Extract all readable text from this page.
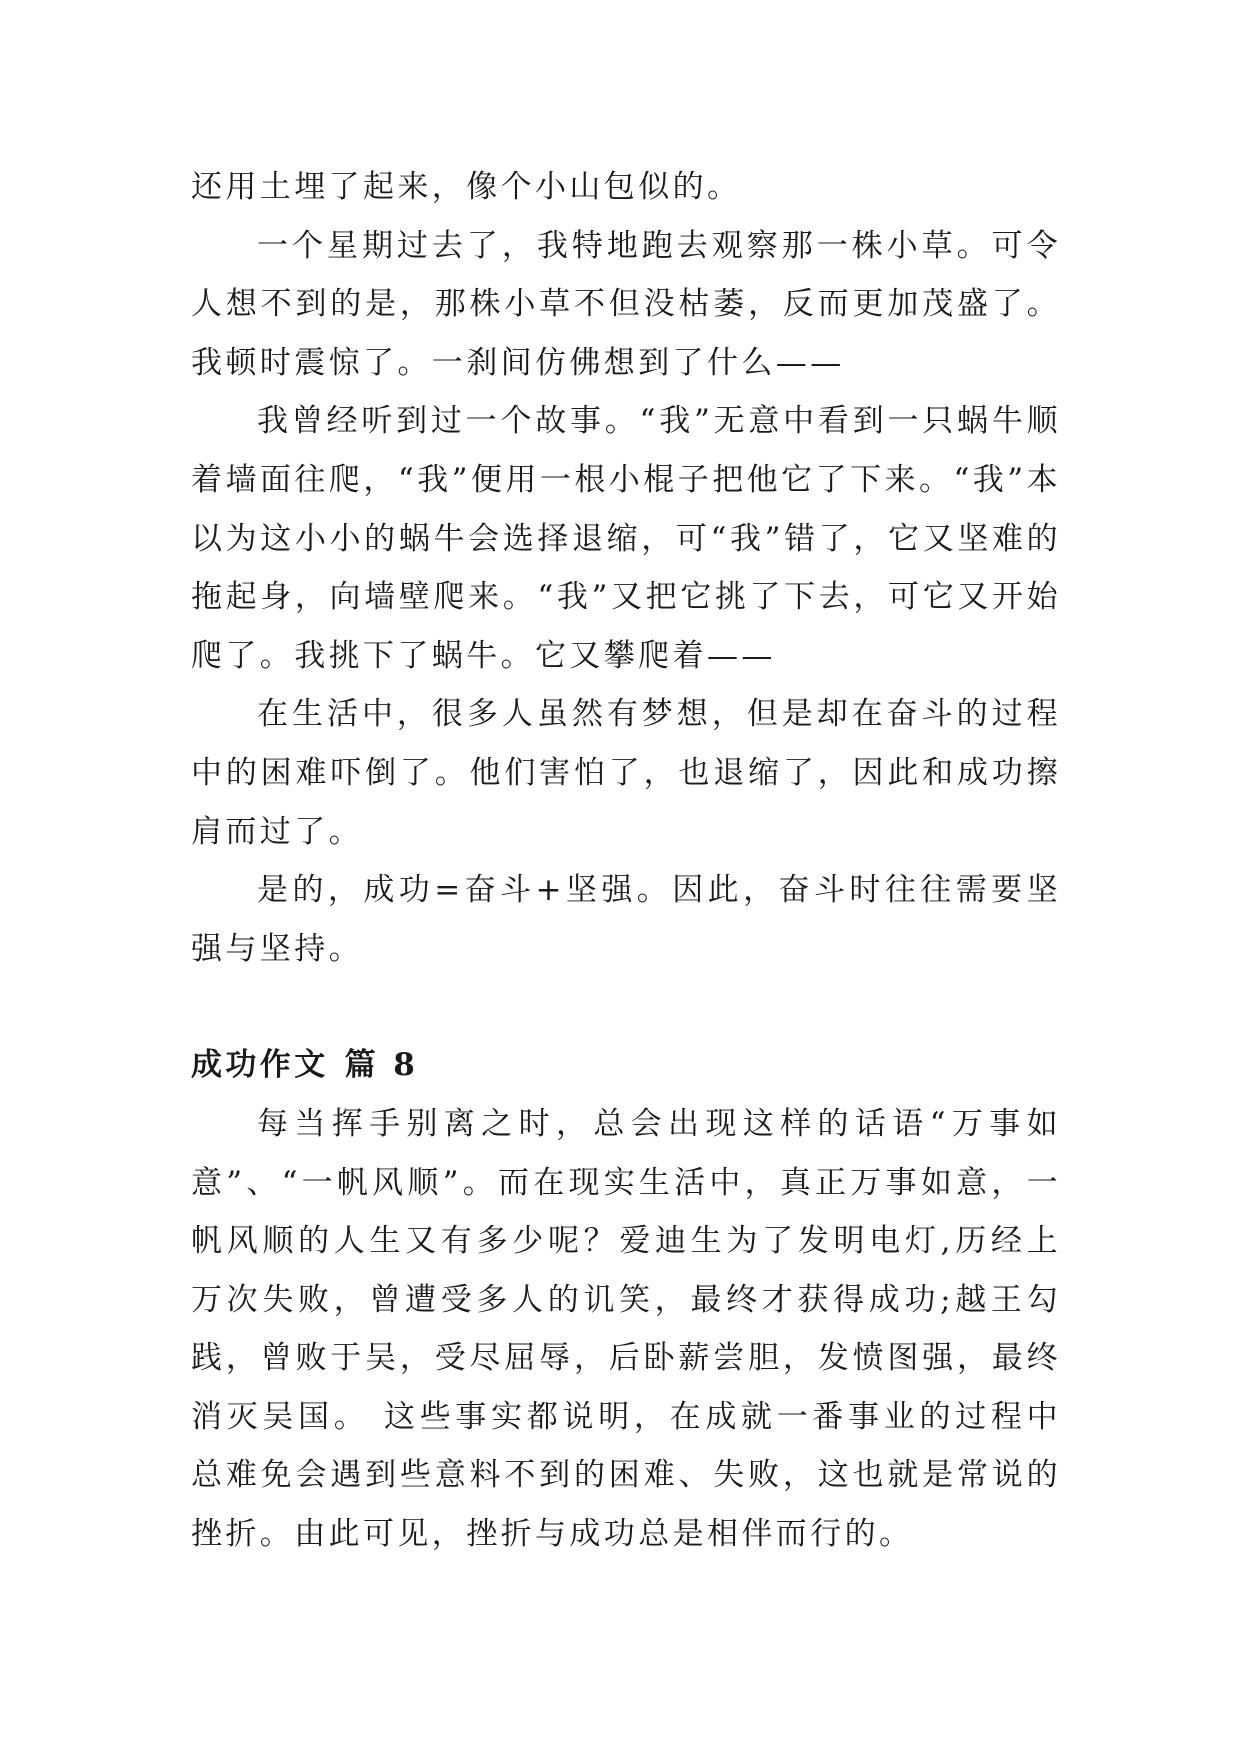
还用土埋了起来，像个小山包似的。

一个星期过去了，我特地跑去观察那一株小草。可令人想不到的是，那株小草不但没枯萎，反而更加茂盛了。我顿时震惊了。一刹间仿佛想到了什么——

我曾经听到过一个故事。“我”无意中看到一只蜗牛顺着墙面往爬，“我”便用一根小棍子把他它了下来。“我”本以为这小小的蜗牛会选择退缩，可“我”错了，它又坚难的拖起身，向墙壁爬来。“我”又把它挑了下去，可它又开始爬了。我挑下了蜗牛。它又攀爬着——

在生活中，很多人虽然有梦想，但是却在奋斗的过程中的困难吓倒了。他们害怕了，也退缩了，因此和成功擦肩而过了。

是的，成功=奋斗+坚强。因此，奋斗时往往需要坚强与坚持。

成功作文 篇 8

每当挥手别离之时，总会出现这样的话语“万事如意”、“一帆风顺”。而在现实生活中，真正万事如意，一帆风顺的人生又有多少呢？爱迪生为了发明电灯,历经上万次失败，曾遭受多人的讥笑，最终才获得成功;越王勾践，曾败于吴，受尽屈辱，后卧薪尝胆，发愤图强，最终消灭吴国。 这些事实都说明，在成就一番事业的过程中总难免会遇到些意料不到的困难、失败，这也就是常说的挫折。由此可见，挫折与成功总是相伴而行的。
